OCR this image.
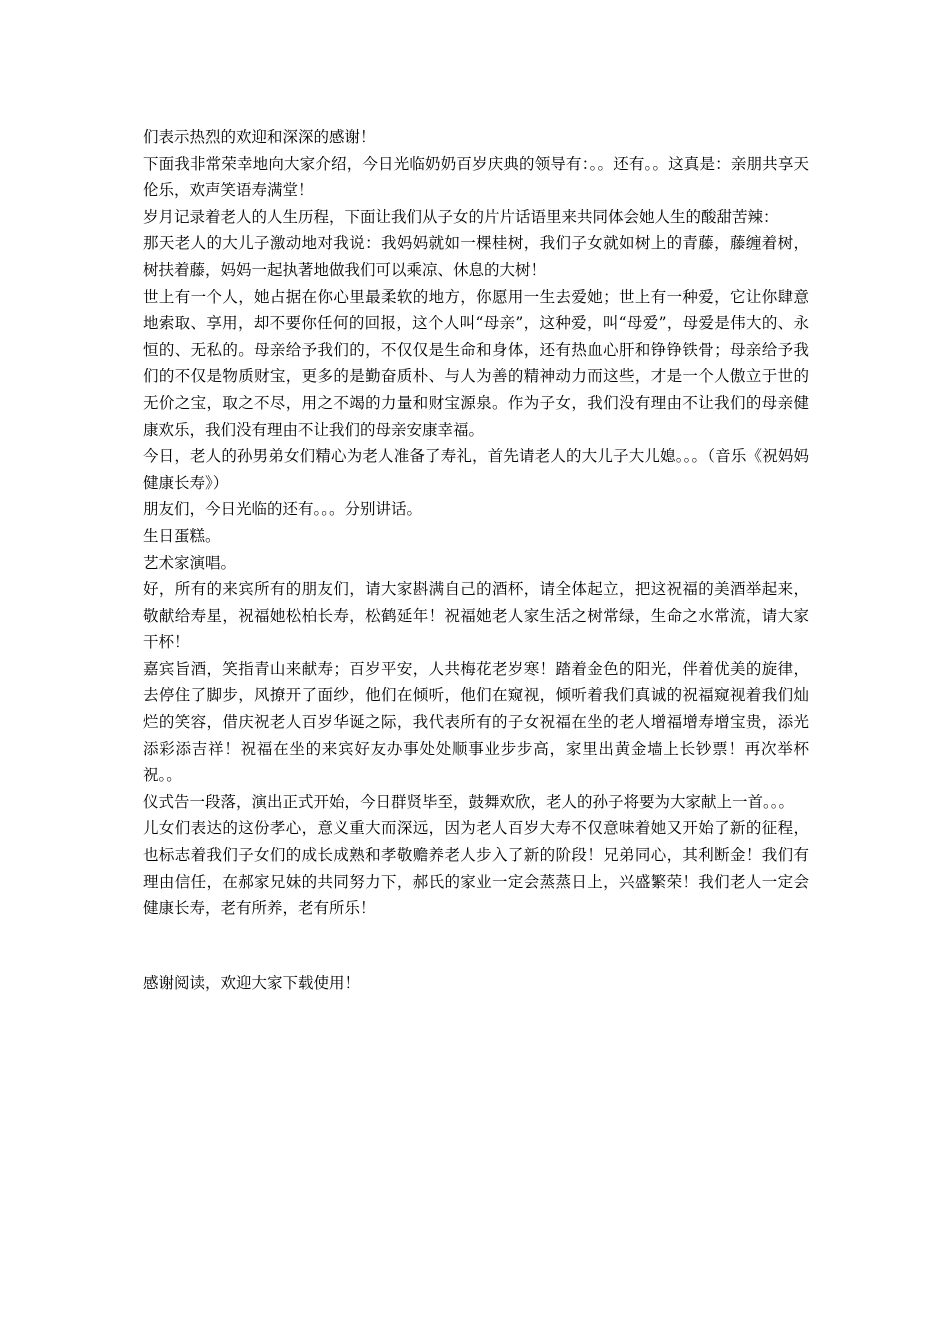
们表示热烈的欢迎和深深的感谢！

下面我非常荣幸地向大家介绍，今日光临奶奶百岁庆典的领导有：。。还有。。这真是：亲朋共享天伦乐，欢声笑语寿满堂！

岁月记录着老人的人生历程，下面让我们从子女的片片话语里来共同体会她人生的酸甜苦辣：

那天老人的大儿子激动地对我说：我妈妈就如一棵桂树，我们子女就如树上的青藤，藤缠着树，树扶着藤，妈妈一起执著地做我们可以乘凉、休息的大树！

世上有一个人，她占据在你心里最柔软的地方，你愿用一生去爱她；世上有一种爱，它让你肆意地索取、享用，却不要你任何的回报，这个人叫“母亲”，这种爱，叫“母爱”，母爱是伟大的、永恒的、无私的。母亲给予我们的，不仅仅是生命和身体，还有热血心肝和铮铮铁骨；母亲给予我们的不仅是物质财宝，更多的是勤奋质朴、与人为善的精神动力而这些，才是一个人傲立于世的无价之宝，取之不尽，用之不竭的力量和财宝源泉。作为子女，我们没有理由不让我们的母亲健康欢乐，我们没有理由不让我们的母亲安康幸福。

今日，老人的孙男弟女们精心为老人准备了寿礼，首先请老人的大儿子大儿媳。。。（音乐《祝妈妈健康长寿》）

朋友们，今日光临的还有。。。分别讲话。

生日蛋糕。

艺术家演唱。

好，所有的来宾所有的朋友们，请大家斟满自己的酒杯，请全体起立，把这祝福的美酒举起来，敬献给寿星，祝福她松柏长寿，松鹤延年！祝福她老人家生活之树常绿，生命之水常流，请大家干杯！

嘉宾旨酒，笑指青山来献寿；百岁平安，人共梅花老岁寒！踏着金色的阳光，伴着优美的旋律，去停住了脚步，风撩开了面纱，他们在倾听，他们在窥视，倾听着我们真诚的祝福窥视着我们灿烂的笑容，借庆祝老人百岁华诞之际，我代表所有的子女祝福在坐的老人增福增寿增宝贵，添光添彩添吉祥！祝福在坐的来宾好友办事处处顺事业步步高，家里出黄金墙上长钞票！再次举杯祝。。

仪式告一段落，演出正式开始，今日群贤毕至，鼓舞欢欣，老人的孙子将要为大家献上一首。。。

儿女们表达的这份孝心，意义重大而深远，因为老人百岁大寿不仅意味着她又开始了新的征程，也标志着我们子女们的成长成熟和孝敬赡养老人步入了新的阶段！兄弟同心，其利断金！我们有理由信任，在郝家兄妹的共同努力下，郝氏的家业一定会蒸蒸日上，兴盛繁荣！我们老人一定会健康长寿，老有所养，老有所乐！

感谢阅读，欢迎大家下载使用！
